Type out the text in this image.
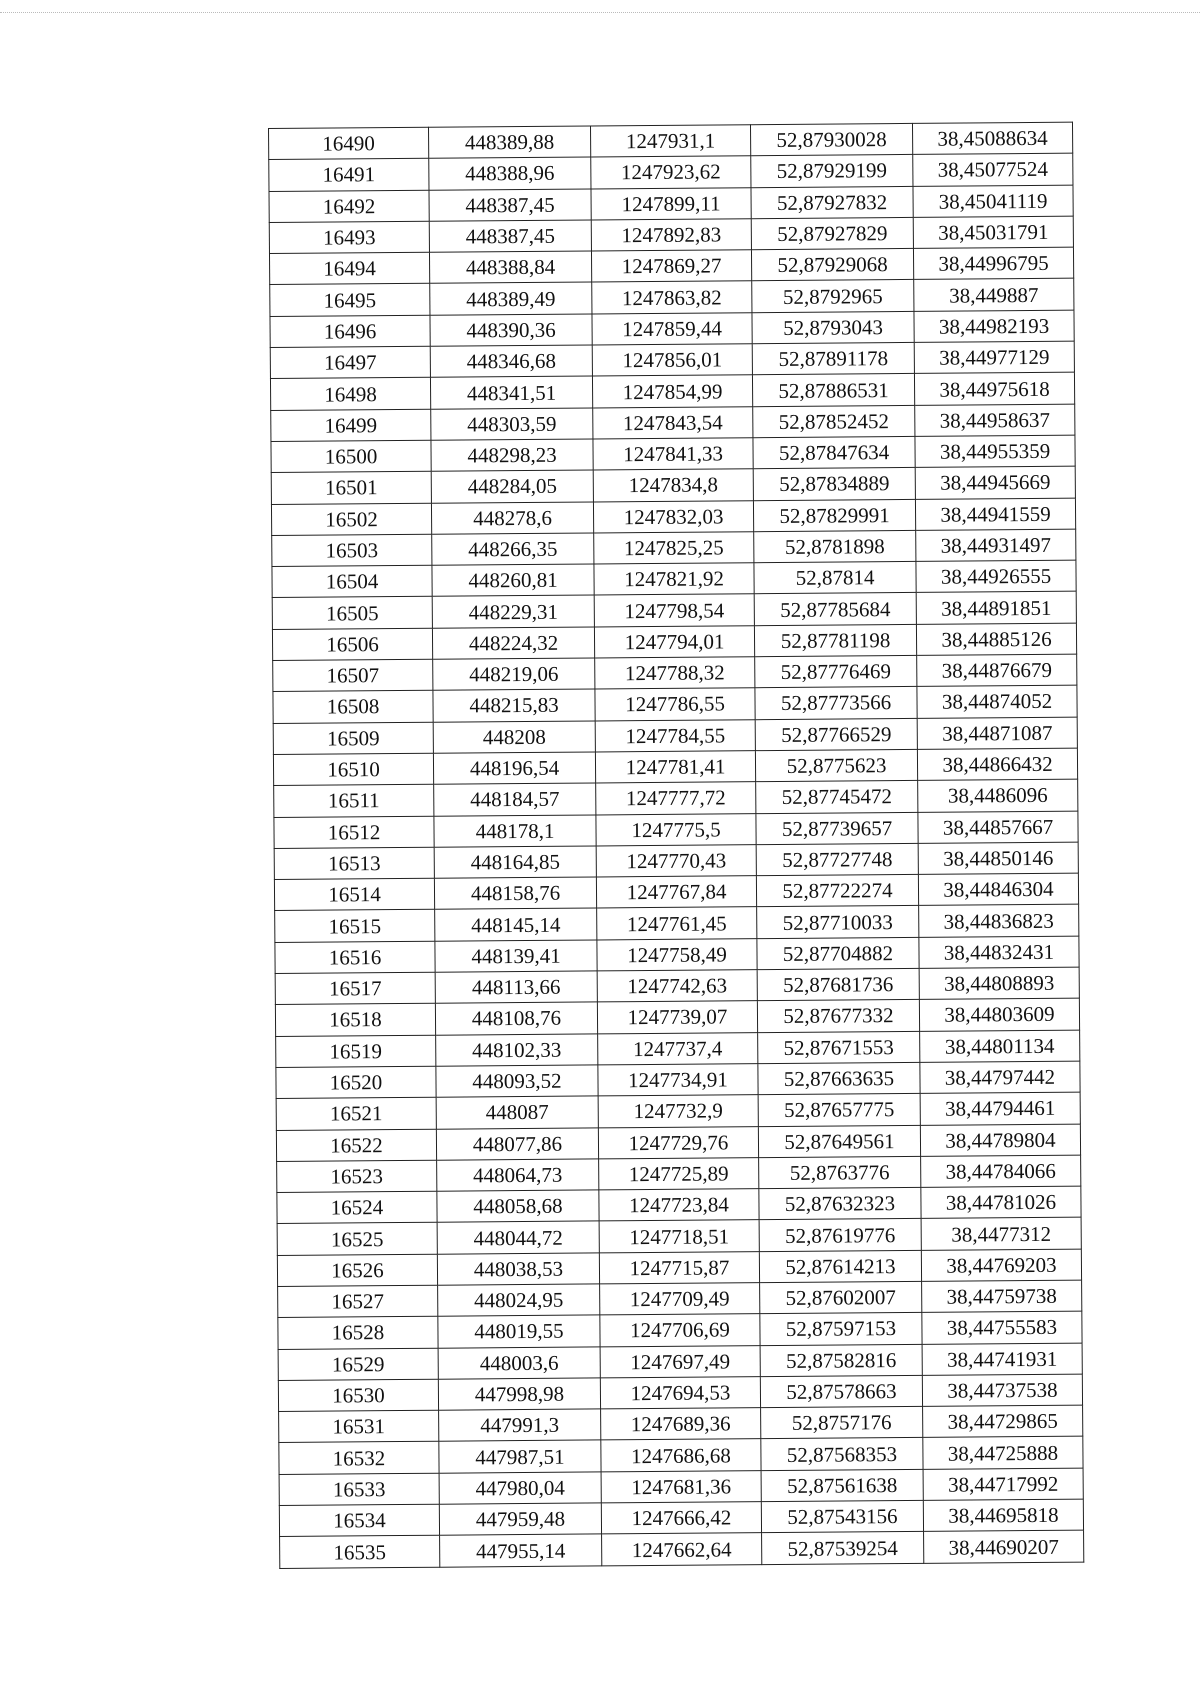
16490	448389,88	1247931,1	52,87930028	38,45088634
16491	448388,96	1247923,62	52,87929199	38,45077524
16492	448387,45	1247899,11	52,87927832	38,45041119
16493	448387,45	1247892,83	52,87927829	38,45031791
16494	448388,84	1247869,27	52,87929068	38,44996795
16495	448389,49	1247863,82	52,8792965	38,449887
16496	448390,36	1247859,44	52,8793043	38,44982193
16497	448346,68	1247856,01	52,87891178	38,44977129
16498	448341,51	1247854,99	52,87886531	38,44975618
16499	448303,59	1247843,54	52,87852452	38,44958637
16500	448298,23	1247841,33	52,87847634	38,44955359
16501	448284,05	1247834,8	52,87834889	38,44945669
16502	448278,6	1247832,03	52,87829991	38,44941559
16503	448266,35	1247825,25	52,8781898	38,44931497
16504	448260,81	1247821,92	52,87814	38,44926555
16505	448229,31	1247798,54	52,87785684	38,44891851
16506	448224,32	1247794,01	52,87781198	38,44885126
16507	448219,06	1247788,32	52,87776469	38,44876679
16508	448215,83	1247786,55	52,87773566	38,44874052
16509	448208	1247784,55	52,87766529	38,44871087
16510	448196,54	1247781,41	52,8775623	38,44866432
16511	448184,57	1247777,72	52,87745472	38,4486096
16512	448178,1	1247775,5	52,87739657	38,44857667
16513	448164,85	1247770,43	52,87727748	38,44850146
16514	448158,76	1247767,84	52,87722274	38,44846304
16515	448145,14	1247761,45	52,87710033	38,44836823
16516	448139,41	1247758,49	52,87704882	38,44832431
16517	448113,66	1247742,63	52,87681736	38,44808893
16518	448108,76	1247739,07	52,87677332	38,44803609
16519	448102,33	1247737,4	52,87671553	38,44801134
16520	448093,52	1247734,91	52,87663635	38,44797442
16521	448087	1247732,9	52,87657775	38,44794461
16522	448077,86	1247729,76	52,87649561	38,44789804
16523	448064,73	1247725,89	52,8763776	38,44784066
16524	448058,68	1247723,84	52,87632323	38,44781026
16525	448044,72	1247718,51	52,87619776	38,4477312
16526	448038,53	1247715,87	52,87614213	38,44769203
16527	448024,95	1247709,49	52,87602007	38,44759738
16528	448019,55	1247706,69	52,87597153	38,44755583
16529	448003,6	1247697,49	52,87582816	38,44741931
16530	447998,98	1247694,53	52,87578663	38,44737538
16531	447991,3	1247689,36	52,8757176	38,44729865
16532	447987,51	1247686,68	52,87568353	38,44725888
16533	447980,04	1247681,36	52,87561638	38,44717992
16534	447959,48	1247666,42	52,87543156	38,44695818
16535	447955,14	1247662,64	52,87539254	38,44690207
